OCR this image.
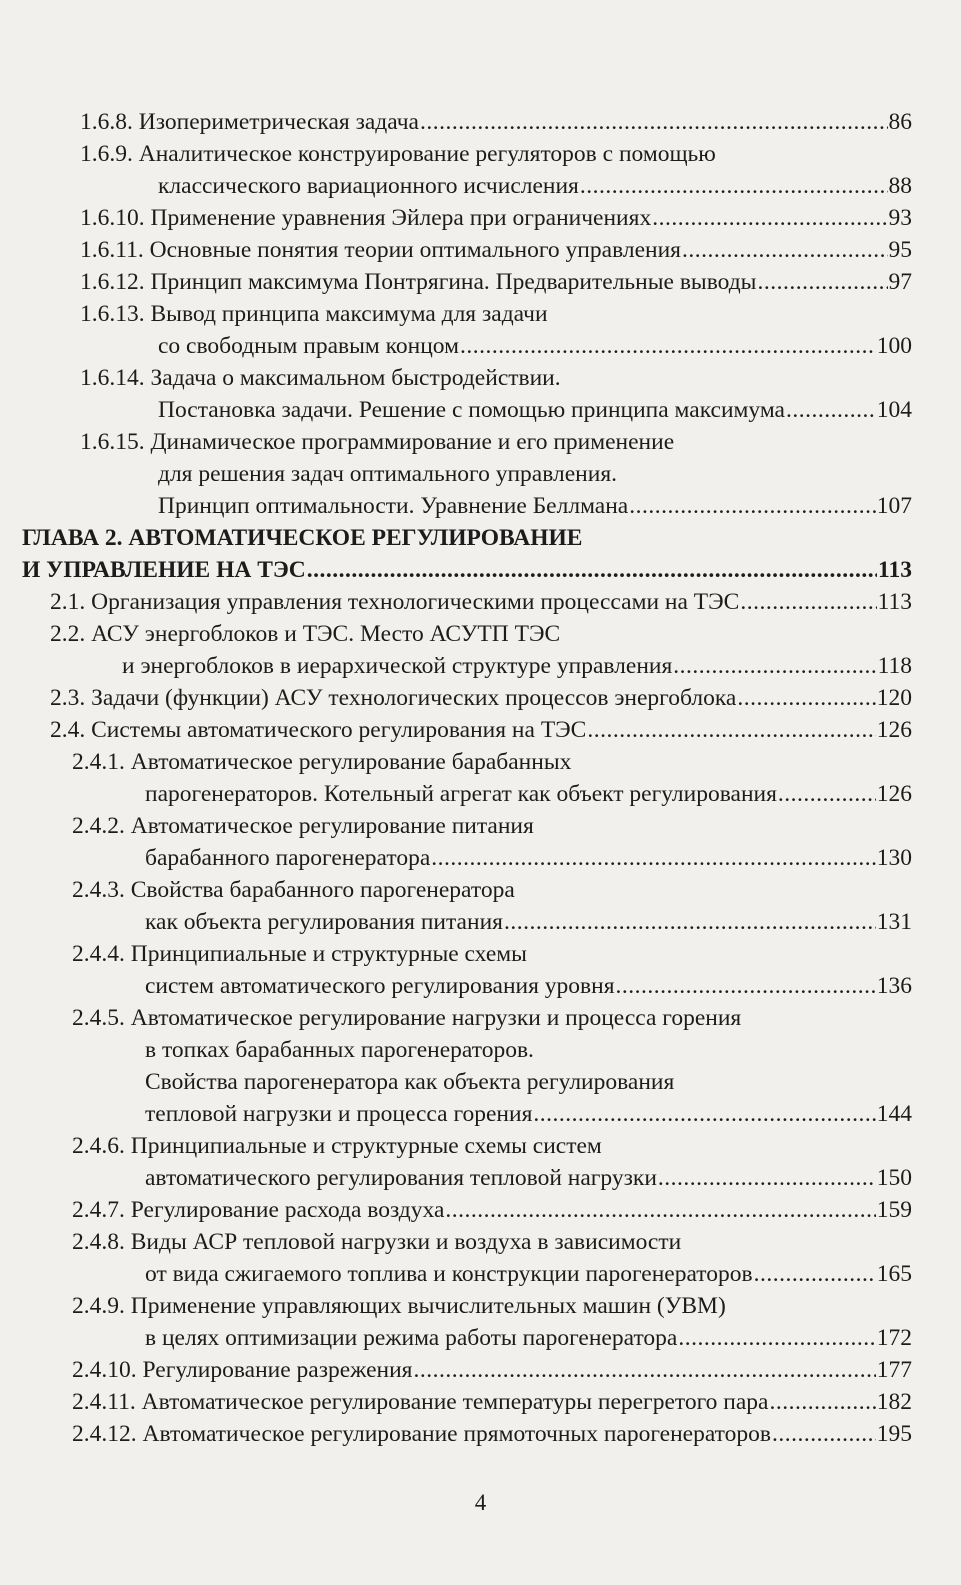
1.6.8. Изопериметрическая задача .....	86
1.6.9. Аналитическое конструирование регуляторов с помощью
классического вариационного исчисления .....	88
1.6.10. Применение уравнения Эйлера при ограничениях .....	93
1.6.11. Основные понятия теории оптимального управления .....	95
1.6.12. Принцип максимума Понтрягина. Предварительные выводы .....	97
1.6.13. Вывод принципа максимума для задачи
со свободным правым концом .....	100
1.6.14. Задача о максимальном быстродействии.
Постановка задачи. Решение с помощью принципа максимума .....	104
1.6.15. Динамическое программирование и его применение
для решения задач оптимального управления.
Принцип оптимальности. Уравнение Беллмана .....	107
ГЛАВА 2. АВТОМАТИЧЕСКОЕ РЕГУЛИРОВАНИЕ
И УПРАВЛЕНИЕ НА ТЭС .....	113
2.1. Организация управления технологическими процессами на ТЭС .....	113
2.2. АСУ энергоблоков и ТЭС. Место АСУТП ТЭС
и энергоблоков в иерархической структуре управления .....	118
2.3. Задачи (функции) АСУ технологических процессов энергоблока .....	120
2.4. Системы автоматического регулирования на ТЭС .....	126
2.4.1. Автоматическое регулирование барабанных
парогенераторов. Котельный агрегат как объект регулирования .....	126
2.4.2. Автоматическое регулирование питания
барабанного парогенератора .....	130
2.4.3. Свойства барабанного парогенератора
как объекта регулирования питания .....	131
2.4.4. Принципиальные и структурные схемы
систем автоматического регулирования уровня .....	136
2.4.5. Автоматическое регулирование нагрузки и процесса горения
в топках барабанных парогенераторов.
Свойства парогенератора как объекта регулирования
тепловой нагрузки и процесса горения .....	144
2.4.6. Принципиальные и структурные схемы систем
автоматического регулирования тепловой нагрузки .....	150
2.4.7. Регулирование расхода воздуха .....	159
2.4.8. Виды АСР тепловой нагрузки и воздуха в зависимости
от вида сжигаемого топлива и конструкции парогенераторов .....	165
2.4.9. Применение управляющих вычислительных машин (УВМ)
в целях оптимизации режима работы парогенератора .....	172
2.4.10. Регулирование разрежения .....	177
2.4.11. Автоматическое регулирование температуры перегретого пара .....	182
2.4.12. Автоматическое регулирование прямоточных парогенераторов .....	195
4
